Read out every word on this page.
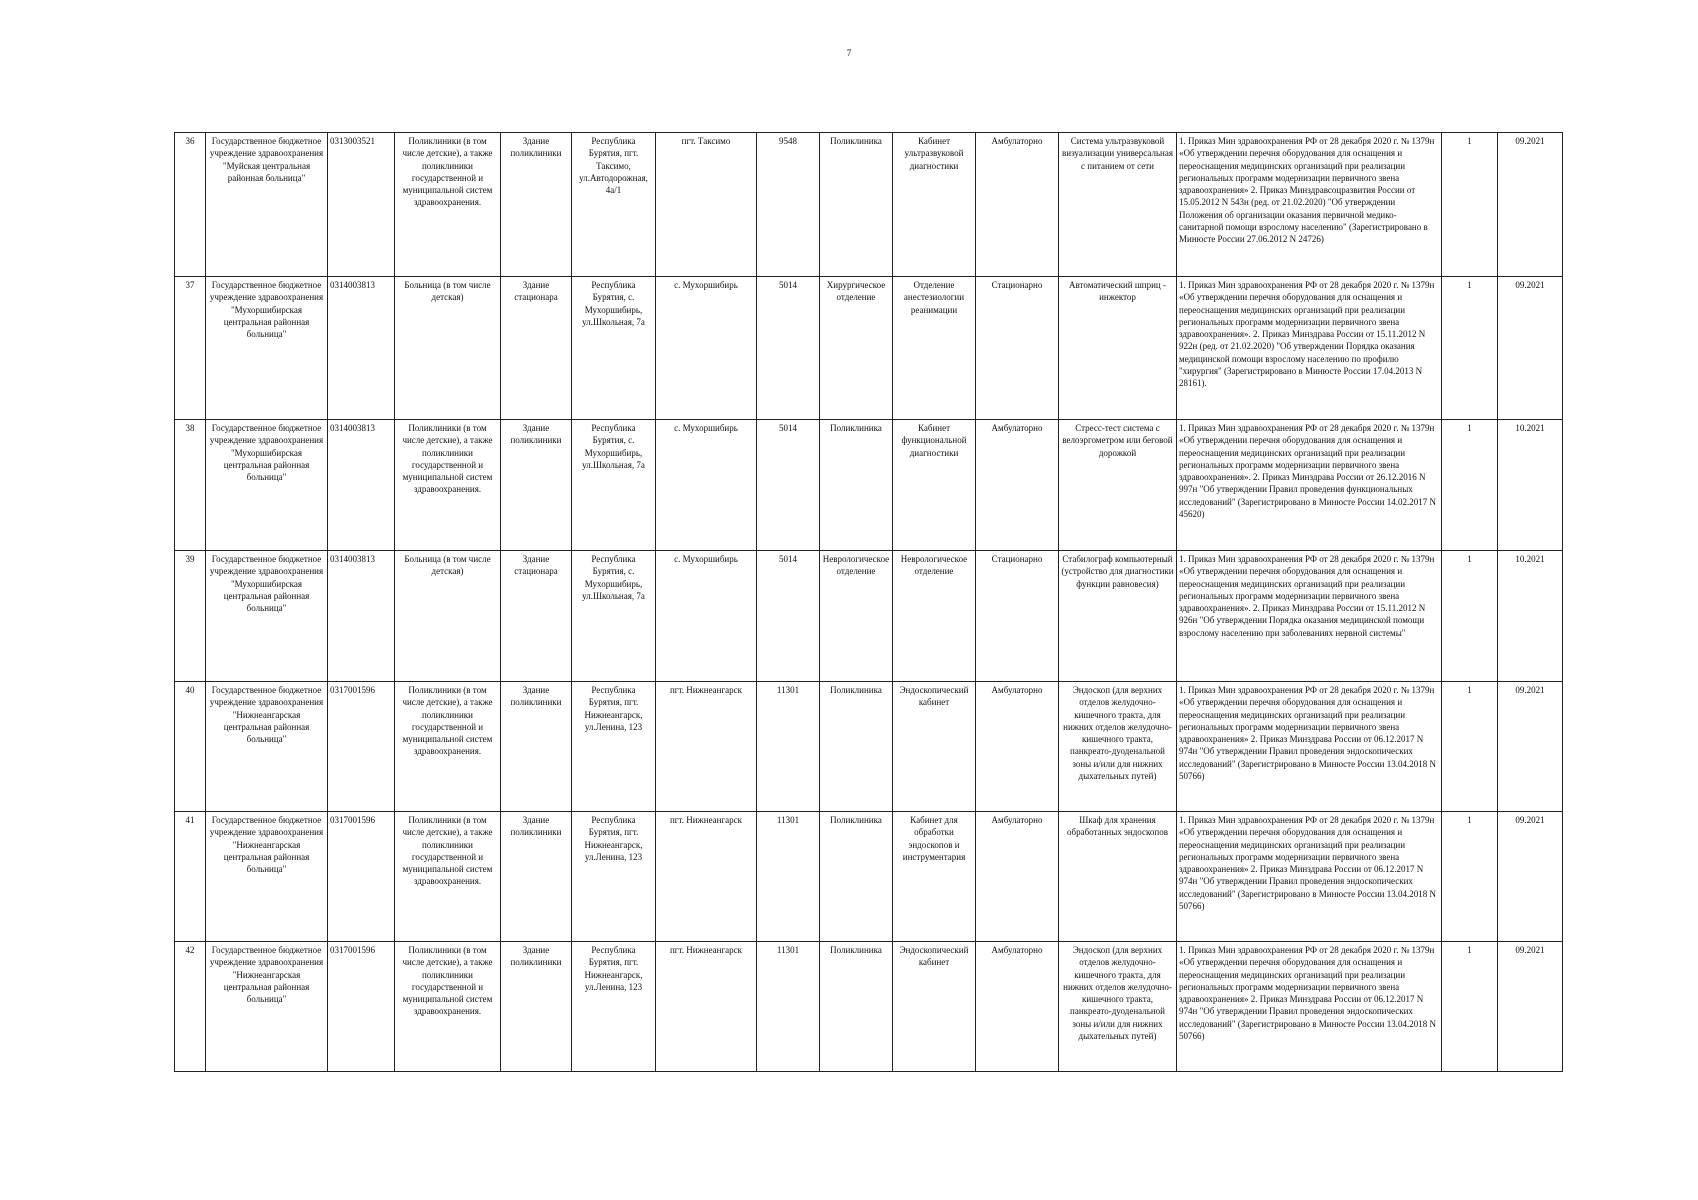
7
36	Государственное бюджетное учреждение здравоохранения "Муйская центральная районная больница"	0313003521	Поликлиники (в том числе детские), а также поликлиники государственной и муниципальной систем здравоохранения.	Здание поликлиники	Республика Бурятия, пгт. Таксимо, ул.Автодорожная, 4а/1	пгт. Таксимо	9548	Поликлиника	Кабинет ультразвуковой диагностики	Амбулаторно	Система ультразвуковой визуализации универсальная с питанием от сети	1. Приказ Мин здравоохранения РФ от 28 декабря 2020 г. № 1379н «Об утверждении перечня оборудования для оснащения и переоснащения медицинских организаций при реализации региональных программ модернизации первичного звена здравоохранения» 2. Приказ Минздравсоцразвития России от 15.05.2012 N 543н (ред. от 21.02.2020) "Об утверждении Положения об организации оказания первичной медико-санитарной помощи взрослому населению" (Зарегистрировано в Минюсте России 27.06.2012 N 24726)	1	09.2021
37	Государственное бюджетное учреждение здравоохранения "Мухоршибирская центральная районная больница"	0314003813	Больница (в том числе детская)	Здание стационара	Республика Бурятия, с. Мухоршибирь, ул.Школьная, 7а	с. Мухоршибирь	5014	Хирургическое отделение	Отделение анестезиологии реанимации	Стационарно	Автоматический шприц - инжектор	1. Приказ Мин здравоохранения РФ от 28 декабря 2020 г. № 1379н «Об утверждении перечня оборудования для оснащения и переоснащения медицинских организаций при реализации региональных программ модернизации первичного звена здравоохранения». 2. Приказ Минздрава России от 15.11.2012 N 922н (ред. от 21.02.2020) "Об утверждении Порядка оказания медицинской помощи взрослому населению по профилю "хирургия" (Зарегистрировано в Минюсте России 17.04.2013 N 28161).	1	09.2021
38	Государственное бюджетное учреждение здравоохранения "Мухоршибирская центральная районная больница"	0314003813	Поликлиники (в том числе детские), а также поликлиники государственной и муниципальной систем здравоохранения.	Здание поликлиники	Республика Бурятия, с. Мухоршибирь, ул.Школьная, 7а	с. Мухоршибирь	5014	Поликлиника	Кабинет функциональной диагностики	Амбулаторно	Стресс-тест система с велоэргометром или беговой дорожкой	1. Приказ Мин здравоохранения РФ от 28 декабря 2020 г. № 1379н «Об утверждении перечня оборудования для оснащения и переоснащения медицинских организаций при реализации региональных программ модернизации первичного звена здравоохранения». 2. Приказ Минздрава России от 26.12.2016 N 997н "Об утверждении Правил проведения функциональных исследований" (Зарегистрировано в Минюсте России 14.02.2017 N 45620)	1	10.2021
39	Государственное бюджетное учреждение здравоохранения "Мухоршибирская центральная районная больница"	0314003813	Больница (в том числе детская)	Здание стационара	Республика Бурятия, с. Мухоршибирь, ул.Школьная, 7а	с. Мухоршибирь	5014	Неврологическое отделение	Неврологическое отделение	Стационарно	Стабилограф компьютерный (устройство для диагностики функции равновесия)	1. Приказ Мин здравоохранения РФ от 28 декабря 2020 г. № 1379н «Об утверждении перечня оборудования для оснащения и переоснащения медицинских организаций при реализации региональных программ модернизации первичного звена здравоохранения». 2. Приказ Минздрава России от 15.11.2012 N 926н "Об утверждении Порядка оказания медицинской помощи взрослому населению при заболеваниях нервной системы"	1	10.2021
40	Государственное бюджетное учреждение здравоохранения "Нижнеангарская центральная районная больница"	0317001596	Поликлиники (в том числе детские), а также поликлиники государственной и муниципальной систем здравоохранения.	Здание поликлиники	Республика Бурятия, пгт. Нижнеангарск, ул.Ленина, 123	пгт. Нижнеангарск	11301	Поликлиника	Эндоскопический кабинет	Амбулаторно	Эндоскоп (для верхних отделов желудочно-кишечного тракта, для нижних отделов желудочно-кишечного тракта, панкреато-дуоденальной зоны и/или для нижних дыхательных путей)	1. Приказ Мин здравоохранения РФ от 28 декабря 2020 г. № 1379н «Об утверждении перечня оборудования для оснащения и переоснащения медицинских организаций при реализации региональных программ модернизации первичного звена здравоохранения» 2. Приказ Минздрава России от 06.12.2017 N 974н "Об утверждении Правил проведения эндоскопических исследований" (Зарегистрировано в Минюсте России 13.04.2018 N 50766)	1	09.2021
41	Государственное бюджетное учреждение здравоохранения "Нижнеангарская центральная районная больница"	0317001596	Поликлиники (в том числе детские), а также поликлиники государственной и муниципальной систем здравоохранения.	Здание поликлиники	Республика Бурятия, пгт. Нижнеангарск, ул.Ленина, 123	пгт. Нижнеангарск	11301	Поликлиника	Кабинет для обработки эндоскопов и инструментария	Амбулаторно	Шкаф для хранения обработанных эндоскопов	1. Приказ Мин здравоохранения РФ от 28 декабря 2020 г. № 1379н «Об утверждении перечня оборудования для оснащения и переоснащения медицинских организаций при реализации региональных программ модернизации первичного звена здравоохранения» 2. Приказ Минздрава России от 06.12.2017 N 974н "Об утверждении Правил проведения эндоскопических исследований" (Зарегистрировано в Минюсте России 13.04.2018 N 50766)	1	09.2021
42	Государственное бюджетное учреждение здравоохранения "Нижнеангарская центральная районная больница"	0317001596	Поликлиники (в том числе детские), а также поликлиники государственной и муниципальной систем здравоохранения.	Здание поликлиники	Республика Бурятия, пгт. Нижнеангарск, ул.Ленина, 123	пгт. Нижнеангарск	11301	Поликлиника	Эндоскопический кабинет	Амбулаторно	Эндоскоп (для верхних отделов желудочно-кишечного тракта, для нижних отделов желудочно-кишечного тракта, панкреато-дуоденальной зоны и/или для нижних дыхательных путей)	1. Приказ Мин здравоохранения РФ от 28 декабря 2020 г. № 1379н «Об утверждении перечня оборудования для оснащения и переоснащения медицинских организаций при реализации региональных программ модернизации первичного звена здравоохранения» 2. Приказ Минздрава России от 06.12.2017 N 974н "Об утверждении Правил проведения эндоскопических исследований" (Зарегистрировано в Минюсте России 13.04.2018 N 50766)	1	09.2021
